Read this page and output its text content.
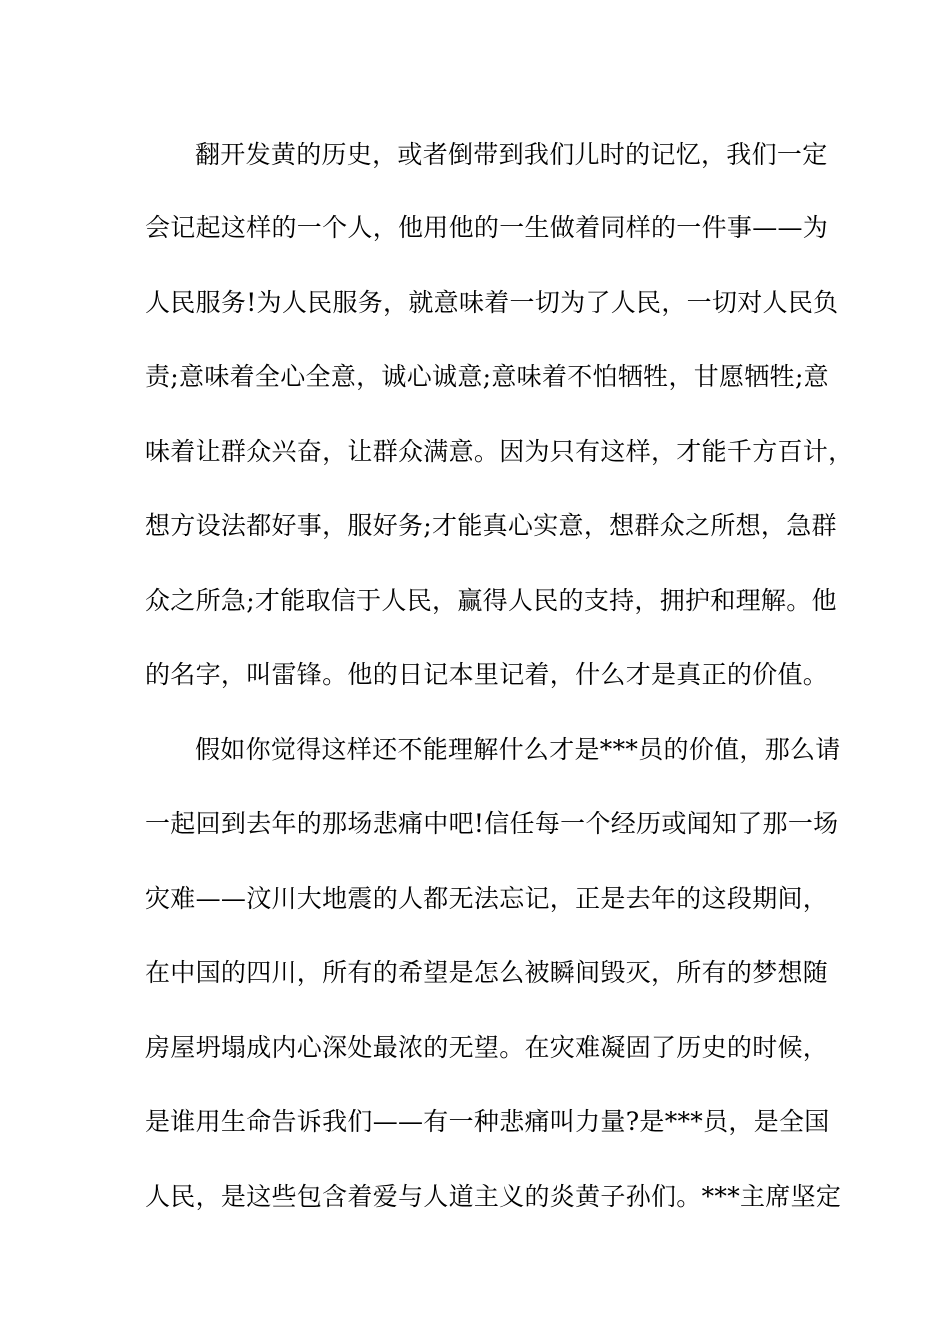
翻开发黄的历史，或者倒带到我们儿时的记忆，我们一定
会记起这样的一个人，他用他的一生做着同样的一件事——为
人民服务!为人民服务，就意味着一切为了人民，一切对人民负
责;意味着全心全意，诚心诚意;意味着不怕牺牲，甘愿牺牲;意
味着让群众兴奋，让群众满意。因为只有这样，才能千方百计，
想方设法都好事，服好务;才能真心实意，想群众之所想，急群
众之所急;才能取信于人民，赢得人民的支持，拥护和理解。他
的名字，叫雷锋。他的日记本里记着，什么才是真正的价值。
假如你觉得这样还不能理解什么才是***员的价值，那么请
一起回到去年的那场悲痛中吧!信任每一个经历或闻知了那一场
灾难——汶川大地震的人都无法忘记，正是去年的这段期间，
在中国的四川，所有的希望是怎么被瞬间毁灭，所有的梦想随
房屋坍塌成内心深处最浓的无望。在灾难凝固了历史的时候，
是谁用生命告诉我们——有一种悲痛叫力量?是***员，是全国
人民，是这些包含着爱与人道主义的炎黄子孙们。***主席坚定
